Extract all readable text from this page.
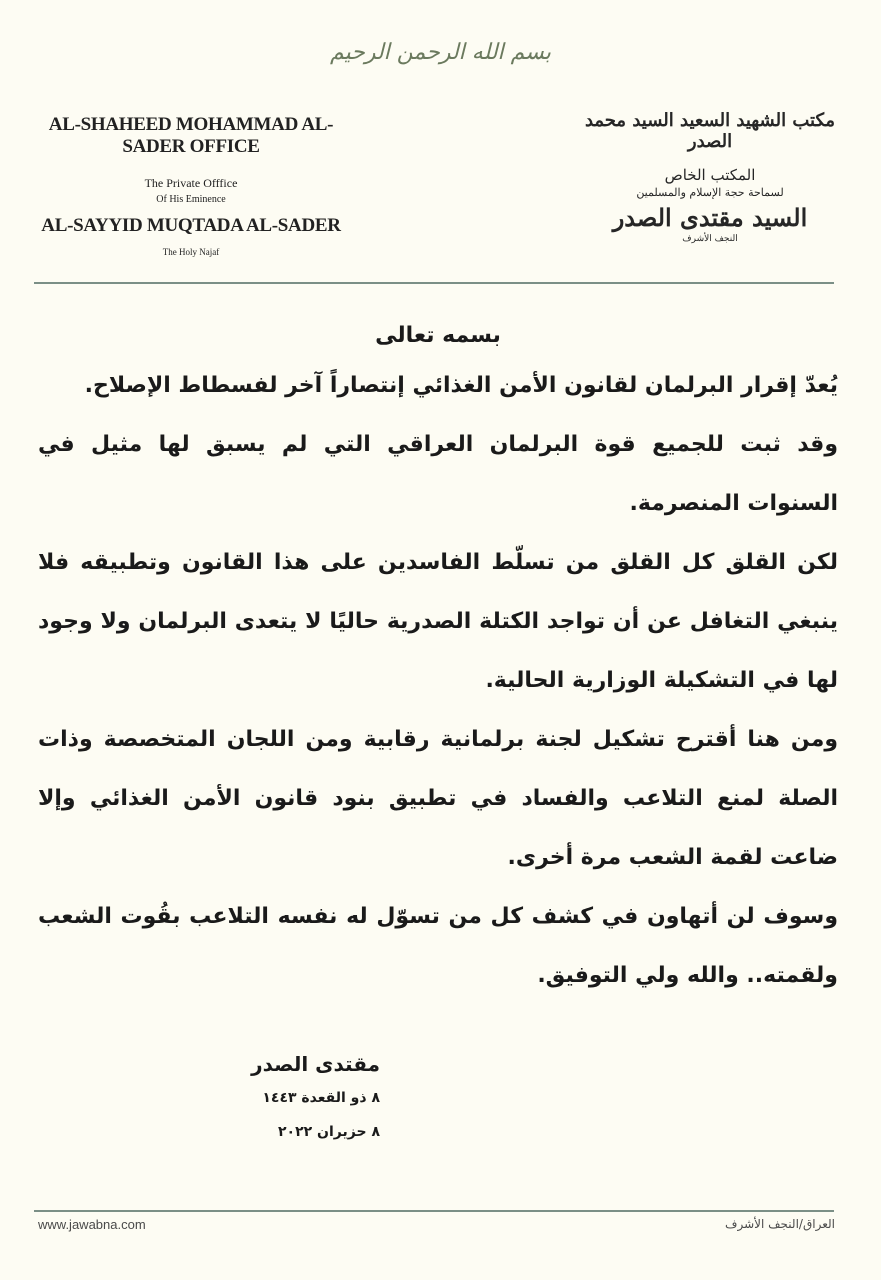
بسم الله الرحمن الرحيم
AL-SHAHEED MOHAMMAD AL-SADER OFFICE
The Private Offfice
Of His Eminence
AL-SAYYID MUQTADA AL-SADER
The Holy Najaf
مكتب الشهيد السعيد السيد محمد الصدر
المكتب الخاص
لسماحة حجة الإسلام والمسلمين
السيد مقتدى الصدر
النجف الأشرف
بسمه تعالى
يُعدّ إقرار البرلمان لقانون الأمن الغذائي إنتصاراً آخر لفسطاط الإصلاح.
وقد ثبت للجميع قوة البرلمان العراقي التي لم يسبق لها مثيل في السنوات المنصرمة.
لكن القلق كل القلق من تسلّط الفاسدين على هذا القانون وتطبيقه فلا ينبغي التغافل عن أن تواجد الكتلة الصدرية حاليًا لا يتعدى البرلمان ولا وجود لها في التشكيلة الوزارية الحالية.
ومن هنا أقترح تشكيل لجنة برلمانية رقابية ومن اللجان المتخصصة وذات الصلة لمنع التلاعب والفساد في تطبيق بنود قانون الأمن الغذائي وإلا ضاعت لقمة الشعب مرة أخرى.
وسوف لن أتهاون في كشف كل من تسوّل له نفسه التلاعب بقُوت الشعب ولقمته.. والله ولي التوفيق.
مقتدى الصدر
٨ ذو القعدة ١٤٤٣
٨ حزيران ٢٠٢٢
www.jawabna.com	العراق/النجف الأشرف
